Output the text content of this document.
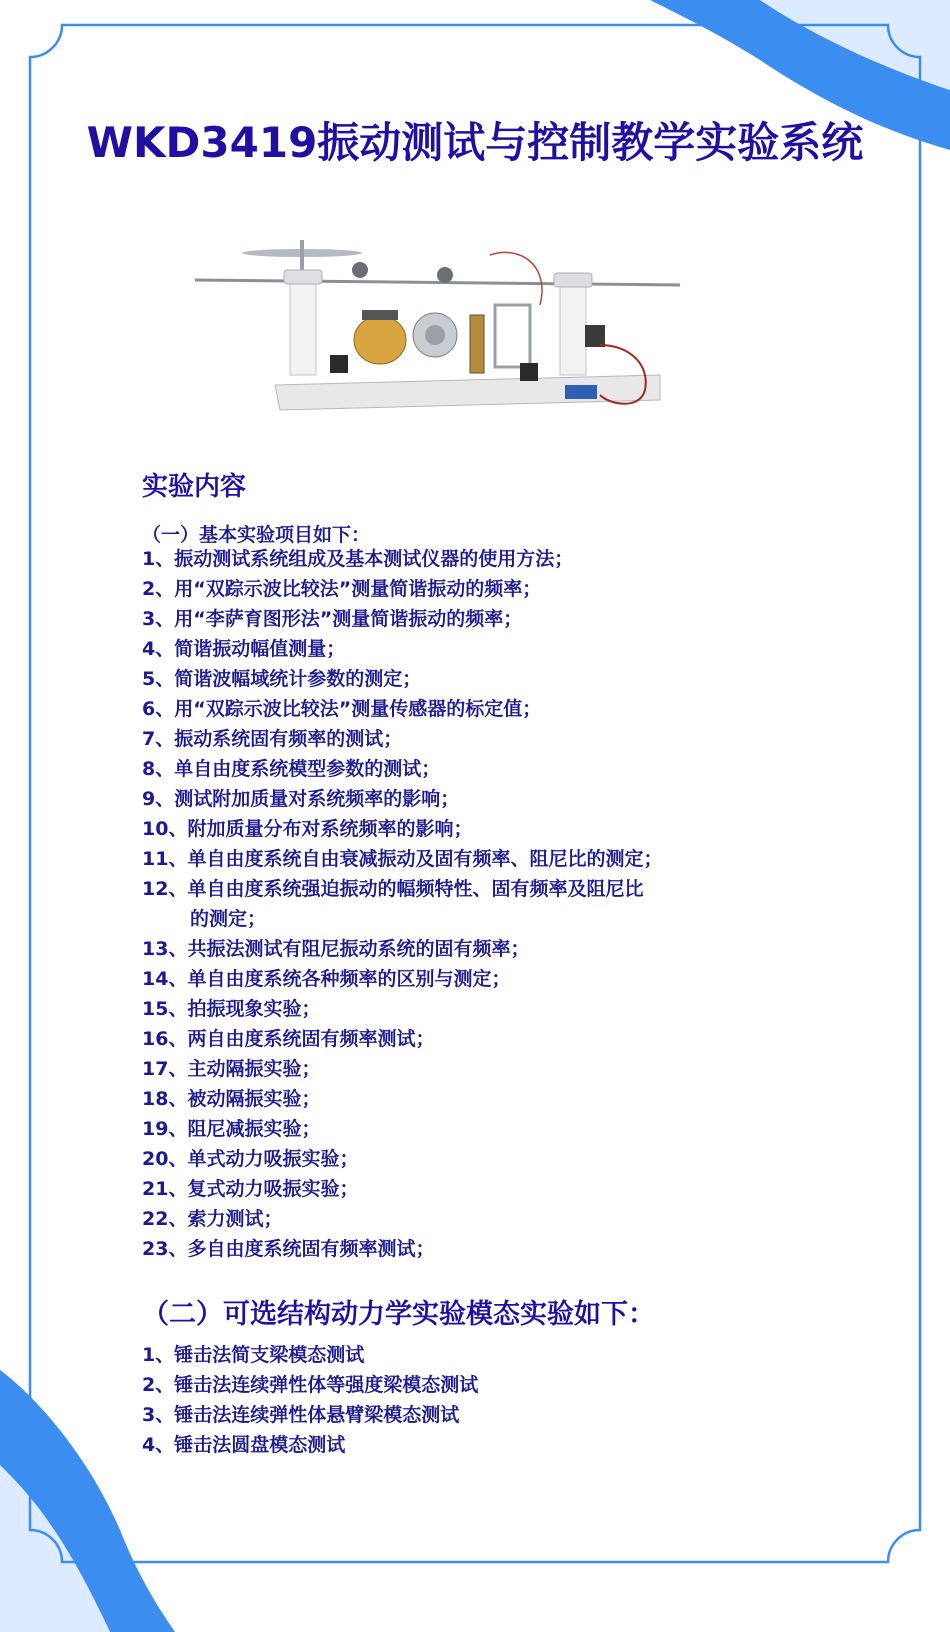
WKD3419振动测试与控制教学实验系统
实验内容
（一）基本实验项目如下：
1、振动测试系统组成及基本测试仪器的使用方法；
2、用“双踪示波比较法”测量简谐振动的频率；
3、用“李萨育图形法”测量简谐振动的频率；
4、简谐振动幅值测量；
5、简谐波幅域统计参数的测定；
6、用“双踪示波比较法”测量传感器的标定值；
7、振动系统固有频率的测试；
8、单自由度系统模型参数的测试；
9、测试附加质量对系统频率的影响；
10、附加质量分布对系统频率的影响；
11、单自由度系统自由衰减振动及固有频率、阻尼比的测定；
12、单自由度系统强迫振动的幅频特性、固有频率及阻尼比
的测定；
13、共振法测试有阻尼振动系统的固有频率；
14、单自由度系统各种频率的区别与测定；
15、拍振现象实验；
16、两自由度系统固有频率测试；
17、主动隔振实验；
18、被动隔振实验；
19、阻尼减振实验；
20、单式动力吸振实验；
21、复式动力吸振实验；
22、索力测试；
23、多自由度系统固有频率测试；
（二）可选结构动力学实验模态实验如下：
1、锤击法简支梁模态测试
2、锤击法连续弹性体等强度梁模态测试
3、锤击法连续弹性体悬臂梁模态测试
4、锤击法圆盘模态测试
